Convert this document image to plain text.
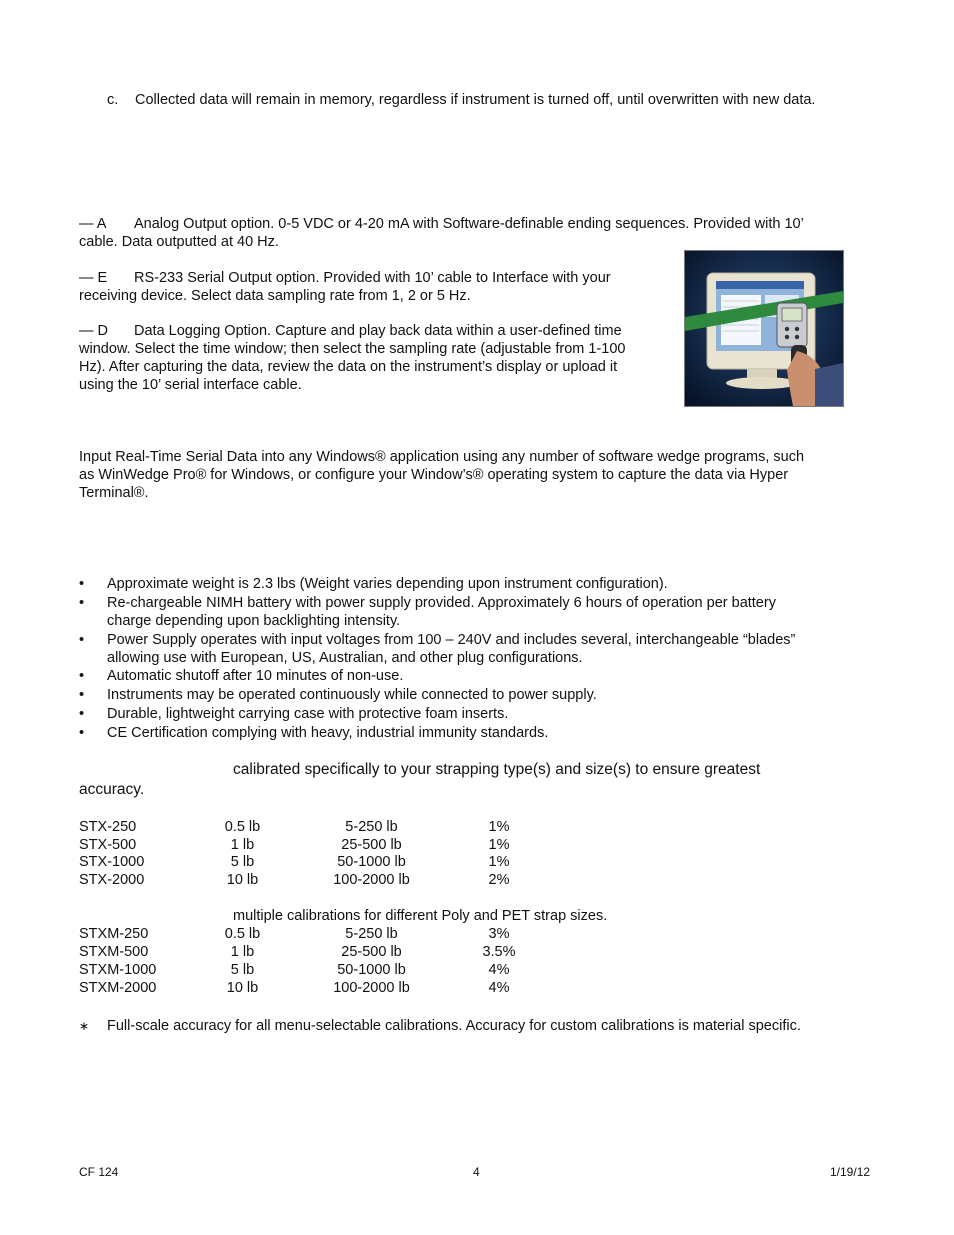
c. Collected data will remain in memory, regardless if instrument is turned off, until overwritten with new data.
— A Analog Output option. 0-5 VDC or 4-20 mA with Software-definable ending sequences. Provided with 10’
cable. Data outputted at 40 Hz.
— E RS-233 Serial Output option. Provided with 10’ cable to Interface with your
receiving device. Select data sampling rate from 1, 2 or 5 Hz.
— D Data Logging Option. Capture and play back data within a user-defined time
window. Select the time window; then select the sampling rate (adjustable from 1-100
Hz). After capturing the data, review the data on the instrument’s display or upload it
using the 10’ serial interface cable.
Input Real-Time Serial Data into any Windows® application using any number of software wedge programs, such
as WinWedge Pro® for Windows, or configure your Window’s® operating system to capture the data via Hyper
Terminal®.
•	Approximate weight is 2.3 lbs (Weight varies depending upon instrument configuration).
•	Re-chargeable NIMH battery with power supply provided. Approximately 6 hours of operation per battery
charge depending upon backlighting intensity.
•	Power Supply operates with input voltages from 100 – 240V and includes several, interchangeable “blades”
allowing use with European, US, Australian, and other plug configurations.
•	Automatic shutoff after 10 minutes of non-use.
•	Instruments may be operated continuously while connected to power supply.
•	Durable, lightweight carrying case with protective foam inserts.
•	CE Certification complying with heavy, industrial immunity standards.
calibrated specifically to your strapping type(s) and size(s) to ensure greatest
accuracy.
STX-250	0.5 lb	5-250 lb	1%
STX-500	1 lb	25-500 lb	1%
STX-1000	5 lb	50-1000 lb	1%
STX-2000	10 lb	100-2000 lb	2%
multiple calibrations for different Poly and PET strap sizes.
STXM-250	0.5 lb	5-250 lb	3%
STXM-500	1 lb	25-500 lb	3.5%
STXM-1000	5 lb	50-1000 lb	4%
STXM-2000	10 lb	100-2000 lb	4%
∗	Full-scale accuracy for all menu-selectable calibrations. Accuracy for custom calibrations is material specific.
CF 124	4	1/19/12
